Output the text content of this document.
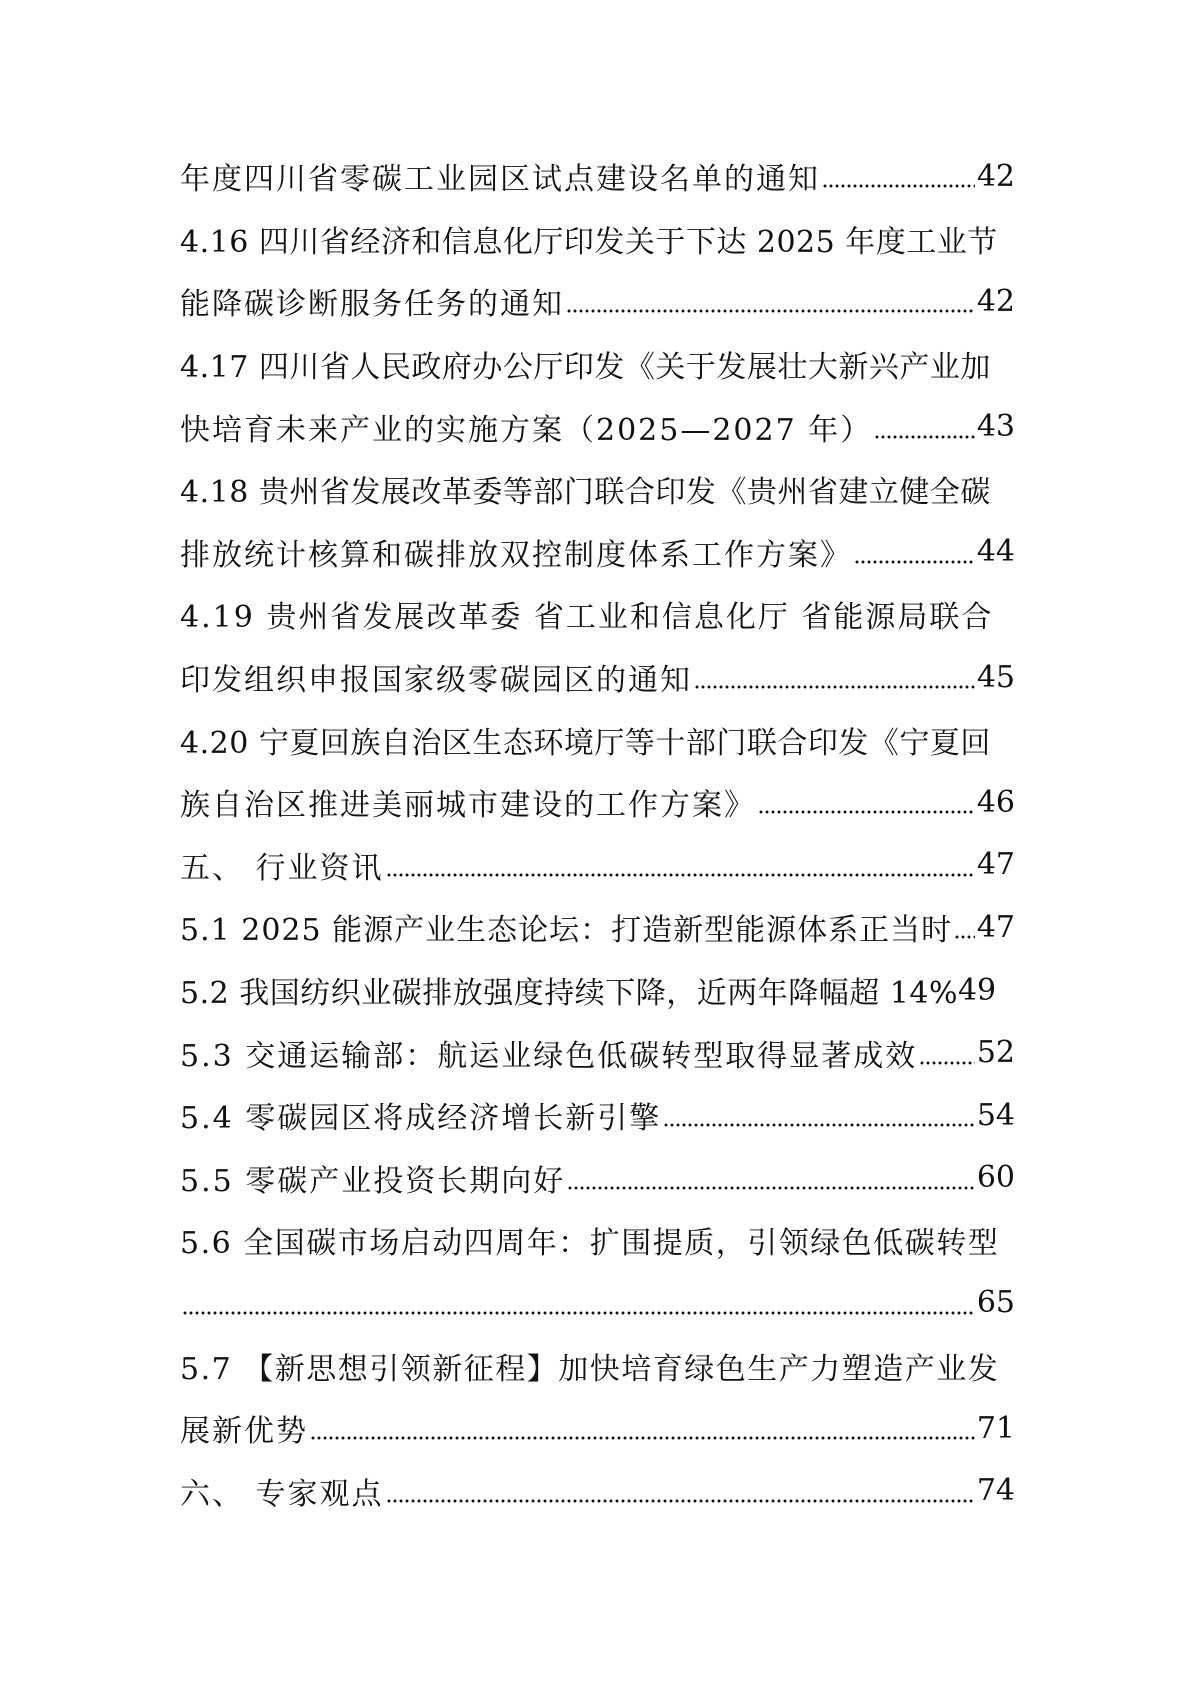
年度四川省零碳工业园区试点建设名单的通知	42
4.16 四川省经济和信息化厅印发关于下达 2025 年度工业节
能降碳诊断服务任务的通知	42
4.17 四川省人民政府办公厅印发《关于发展壮大新兴产业加
快培育未来产业的实施方案（2025—2027 年）	43
4.18 贵州省发展改革委等部门联合印发《贵州省建立健全碳
排放统计核算和碳排放双控制度体系工作方案》	44
4.19 贵州省发展改革委 省工业和信息化厅 省能源局联合
印发组织申报国家级零碳园区的通知	45
4.20 宁夏回族自治区生态环境厅等十部门联合印发《宁夏回
族自治区推进美丽城市建设的工作方案》	46
五、 行业资讯	47
5.1 2025 能源产业生态论坛：打造新型能源体系正当时 47
5.2 我国纺织业碳排放强度持续下降，近两年降幅超 14% 49
5.3 交通运输部：航运业绿色低碳转型取得显著成效 52
5.4 零碳园区将成经济增长新引擎	54
5.5 零碳产业投资长期向好	60
5.6 全国碳市场启动四周年：扩围提质，引领绿色低碳转型
65
5.7 【新思想引领新征程】加快培育绿色生产力塑造产业发
展新优势	71
六、 专家观点	74
